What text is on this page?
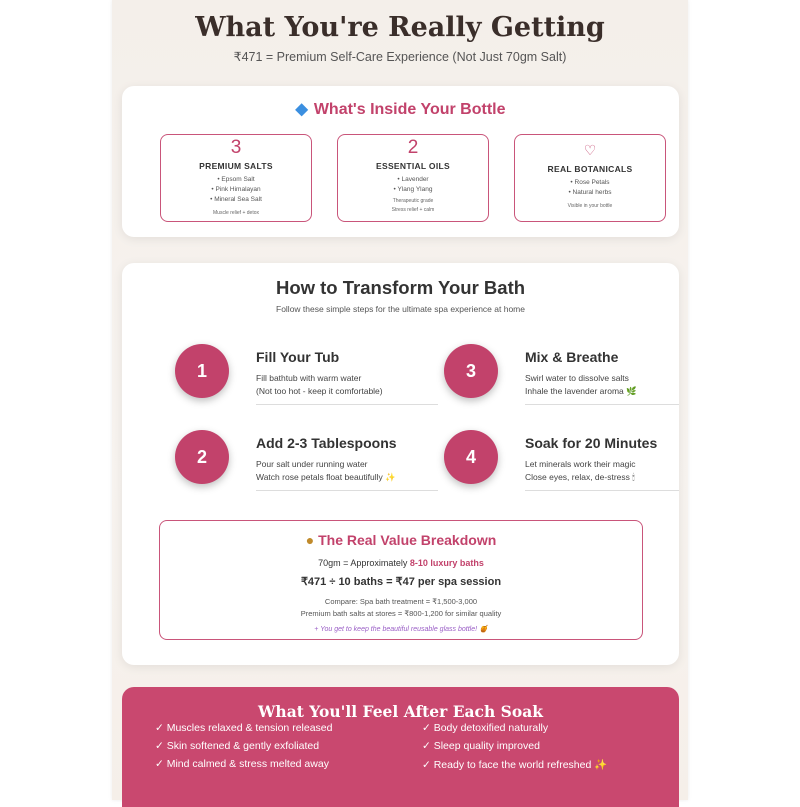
What You're Really Getting
₹471 = Premium Self-Care Experience (Not Just 70gm Salt)
◆ What's Inside Your Bottle
3
PREMIUM SALTS
• Epsom Salt
• Pink Himalayan
• Mineral Sea Salt
Muscle relief + detox
2
ESSENTIAL OILS
• Lavender
• Ylang Ylang
Therapeutic grade
Stress relief + calm
♡
REAL BOTANICALS
• Rose Petals
• Natural herbs
Visible in your bottle
How to Transform Your Bath
Follow these simple steps for the ultimate spa experience at home
1
Fill Your Tub
Fill bathtub with warm water
(Not too hot - keep it comfortable)
2
Add 2-3 Tablespoons
Pour salt under running water
Watch rose petals float beautifully ✨
3
Mix & Breathe
Swirl water to dissolve salts
Inhale the lavender aroma 🌿
4
Soak for 20 Minutes
Let minerals work their magic
Close eyes, relax, de-stress 🕯
● The Real Value Breakdown
70gm = Approximately 8-10 luxury baths
₹471 ÷ 10 baths = ₹47 per spa session
Compare: Spa bath treatment = ₹1,500-3,000
Premium bath salts at stores = ₹800-1,200 for similar quality
+ You get to keep the beautiful reusable glass bottle! 🍯
What You'll Feel After Each Soak
✓ Muscles relaxed & tension released
✓ Skin softened & gently exfoliated
✓ Mind calmed & stress melted away
✓ Body detoxified naturally
✓ Sleep quality improved
✓ Ready to face the world refreshed ✨
